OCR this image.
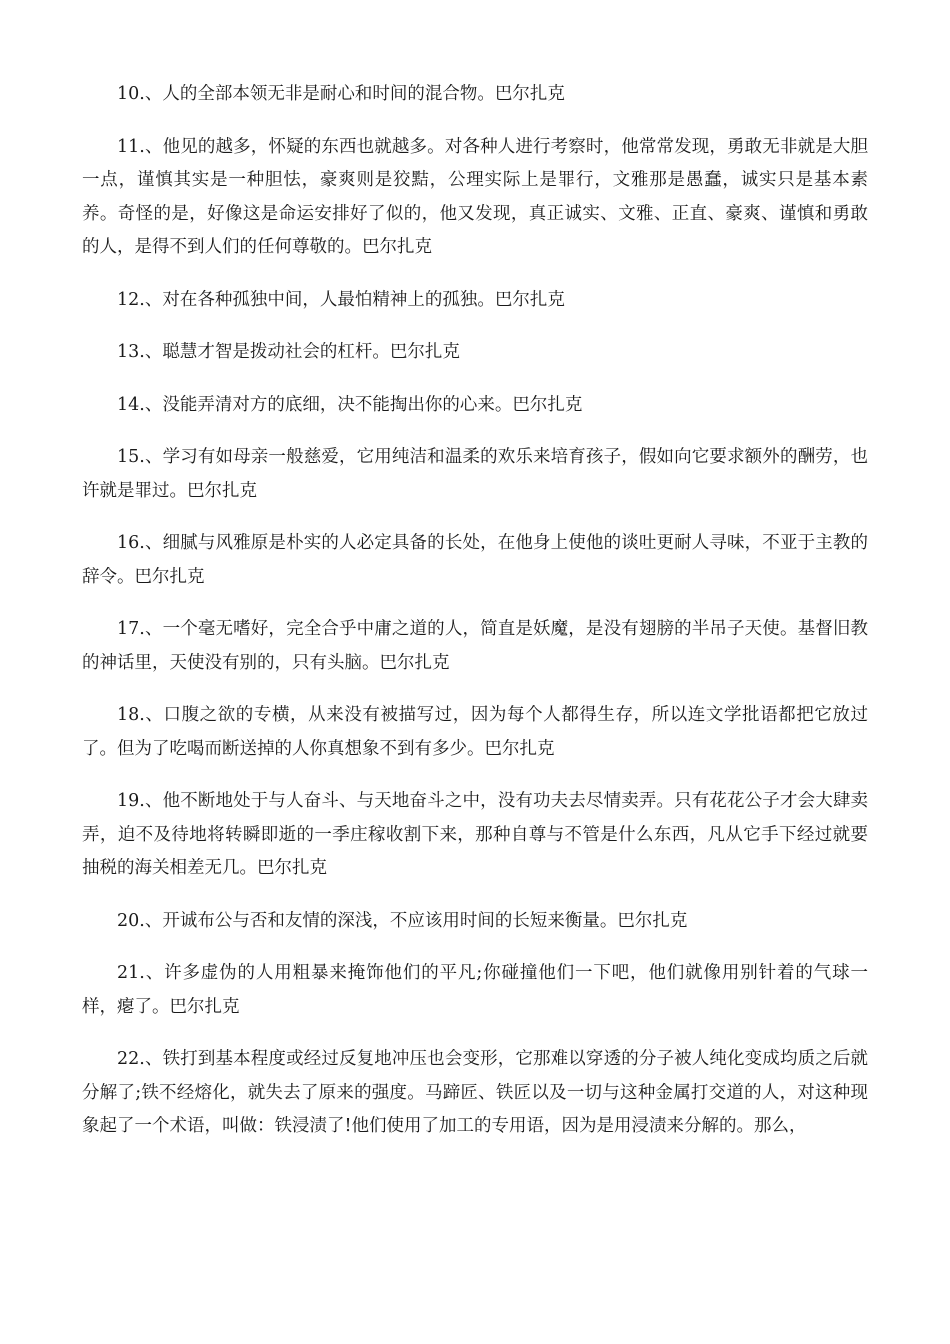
10.、人的全部本领无非是耐心和时间的混合物。巴尔扎克

11.、他见的越多，怀疑的东西也就越多。对各种人进行考察时，他常常发现，勇敢无非就是大胆一点，谨慎其实是一种胆怯，豪爽则是狡黠，公理实际上是罪行，文雅那是愚蠢，诚实只是基本素养。奇怪的是，好像这是命运安排好了似的，他又发现，真正诚实、文雅、正直、豪爽、谨慎和勇敢的人，是得不到人们的任何尊敬的。巴尔扎克

12.、对在各种孤独中间，人最怕精神上的孤独。巴尔扎克

13.、聪慧才智是拨动社会的杠杆。巴尔扎克

14.、没能弄清对方的底细，决不能掏出你的心来。巴尔扎克

15.、学习有如母亲一般慈爱，它用纯洁和温柔的欢乐来培育孩子，假如向它要求额外的酬劳，也许就是罪过。巴尔扎克

16.、细腻与风雅原是朴实的人必定具备的长处，在他身上使他的谈吐更耐人寻味，不亚于主教的辞令。巴尔扎克

17.、一个毫无嗜好，完全合乎中庸之道的人，简直是妖魔，是没有翅膀的半吊子天使。基督旧教的神话里，天使没有别的，只有头脑。巴尔扎克

18.、口腹之欲的专横，从来没有被描写过，因为每个人都得生存，所以连文学批语都把它放过了。但为了吃喝而断送掉的人你真想象不到有多少。巴尔扎克

19.、他不断地处于与人奋斗、与天地奋斗之中，没有功夫去尽情卖弄。只有花花公子才会大肆卖弄，迫不及待地将转瞬即逝的一季庄稼收割下来，那种自尊与不管是什么东西，凡从它手下经过就要抽税的海关相差无几。巴尔扎克

20.、开诚布公与否和友情的深浅，不应该用时间的长短来衡量。巴尔扎克

21.、许多虚伪的人用粗暴来掩饰他们的平凡;你碰撞他们一下吧，他们就像用别针着的气球一样，瘪了。巴尔扎克

22.、铁打到基本程度或经过反复地冲压也会变形，它那难以穿透的分子被人纯化变成均质之后就分解了;铁不经熔化，就失去了原来的强度。马蹄匠、铁匠以及一切与这种金属打交道的人，对这种现象起了一个术语，叫做：铁浸渍了!他们使用了加工的专用语，因为是用浸渍来分解的。那么，
